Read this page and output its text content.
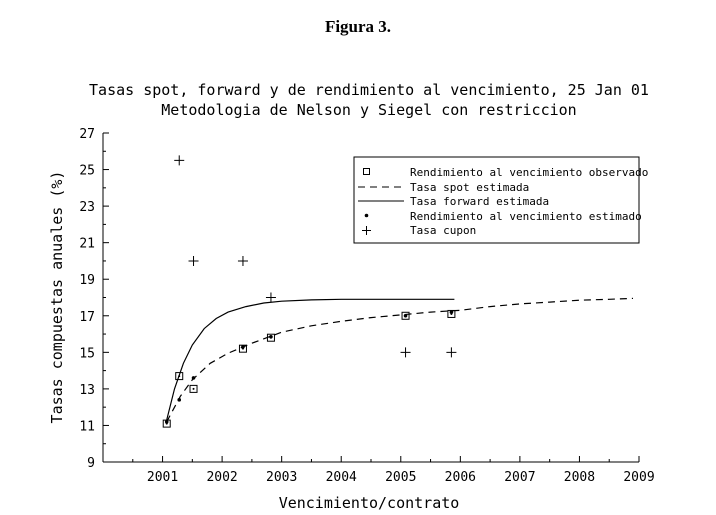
Figura 3.
Tasas spot, forward y de rendimiento al vencimiento, 25 Jan 01
Metodologia de Nelson y Siegel con restriccion
Vencimiento/contrato
Tasas compuestas anuales (%)
9
11
13
15
17
19
21
23
25
27
2001 2002 2003 2004 2005 2006 2007 2008 2009
Rendimiento al vencimiento observado
Tasa spot estimada
Tasa forward estimada
Rendimiento al vencimiento estimado
Tasa cupon
